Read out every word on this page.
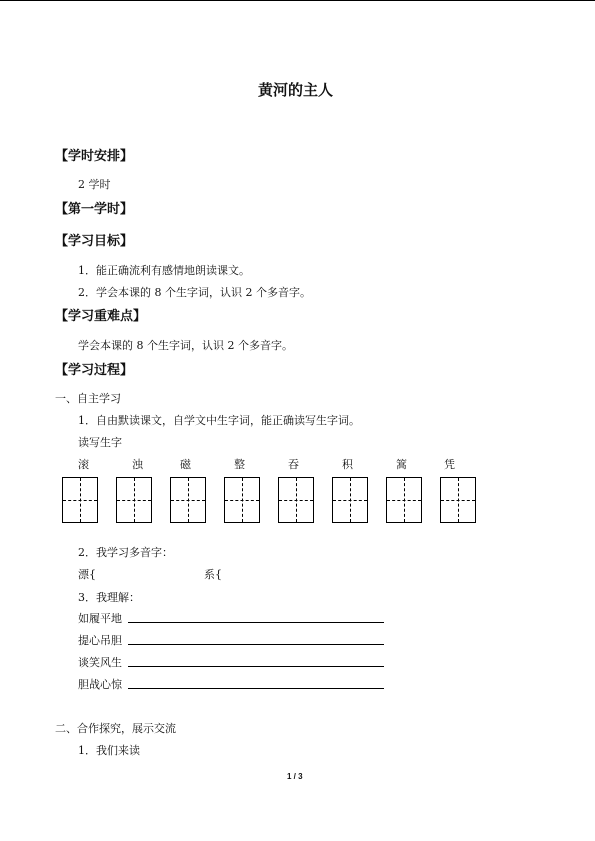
黄河的主人
【学时安排】
2 学时
【第一学时】
【学习目标】
1．能正确流利有感情地朗读课文。
2．学会本课的 8 个生字词，认识 2 个多音字。
【学习重难点】
学会本课的 8 个生字词，认识 2 个多音字。
【学习过程】
一、自主学习
1．自由默读课文，自学文中生字词，能正确读写生字词。
读写生字
滚	浊	磁	整	吞	积	篙	凭
2．我学习多音字：
漂{	系{
3．我理解：
如履平地
提心吊胆
谈笑风生
胆战心惊
二、合作探究，展示交流
1．我们来读
1 / 3
